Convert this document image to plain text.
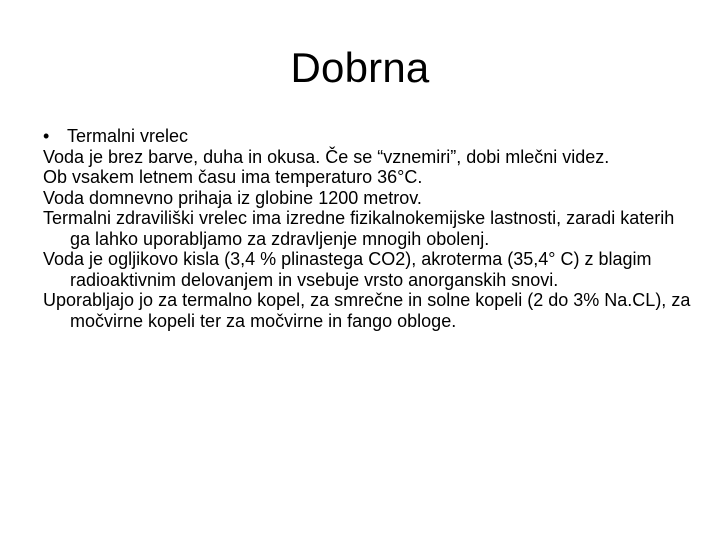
Dobrna
• Termalni vrelec

Voda je brez barve, duha in okusa. Če se “vznemiri”, dobi mlečni videz.

Ob vsakem letnem času ima temperaturo 36°C.

Voda domnevno prihaja iz globine 1200 metrov.

Termalni zdraviliški vrelec ima izredne fizikalnokemijske lastnosti, zaradi katerih ga lahko uporabljamo za zdravljenje mnogih obolenj.

Voda je ogljikovo kisla (3,4 % plinastega CO2), akroterma (35,4° C) z blagim radioaktivnim delovanjem in vsebuje vrsto anorganskih snovi.

Uporabljajo jo za termalno kopel, za smrečne in solne kopeli (2 do 3% Na.CL), za močvirne kopeli ter za močvirne in fango obloge.
